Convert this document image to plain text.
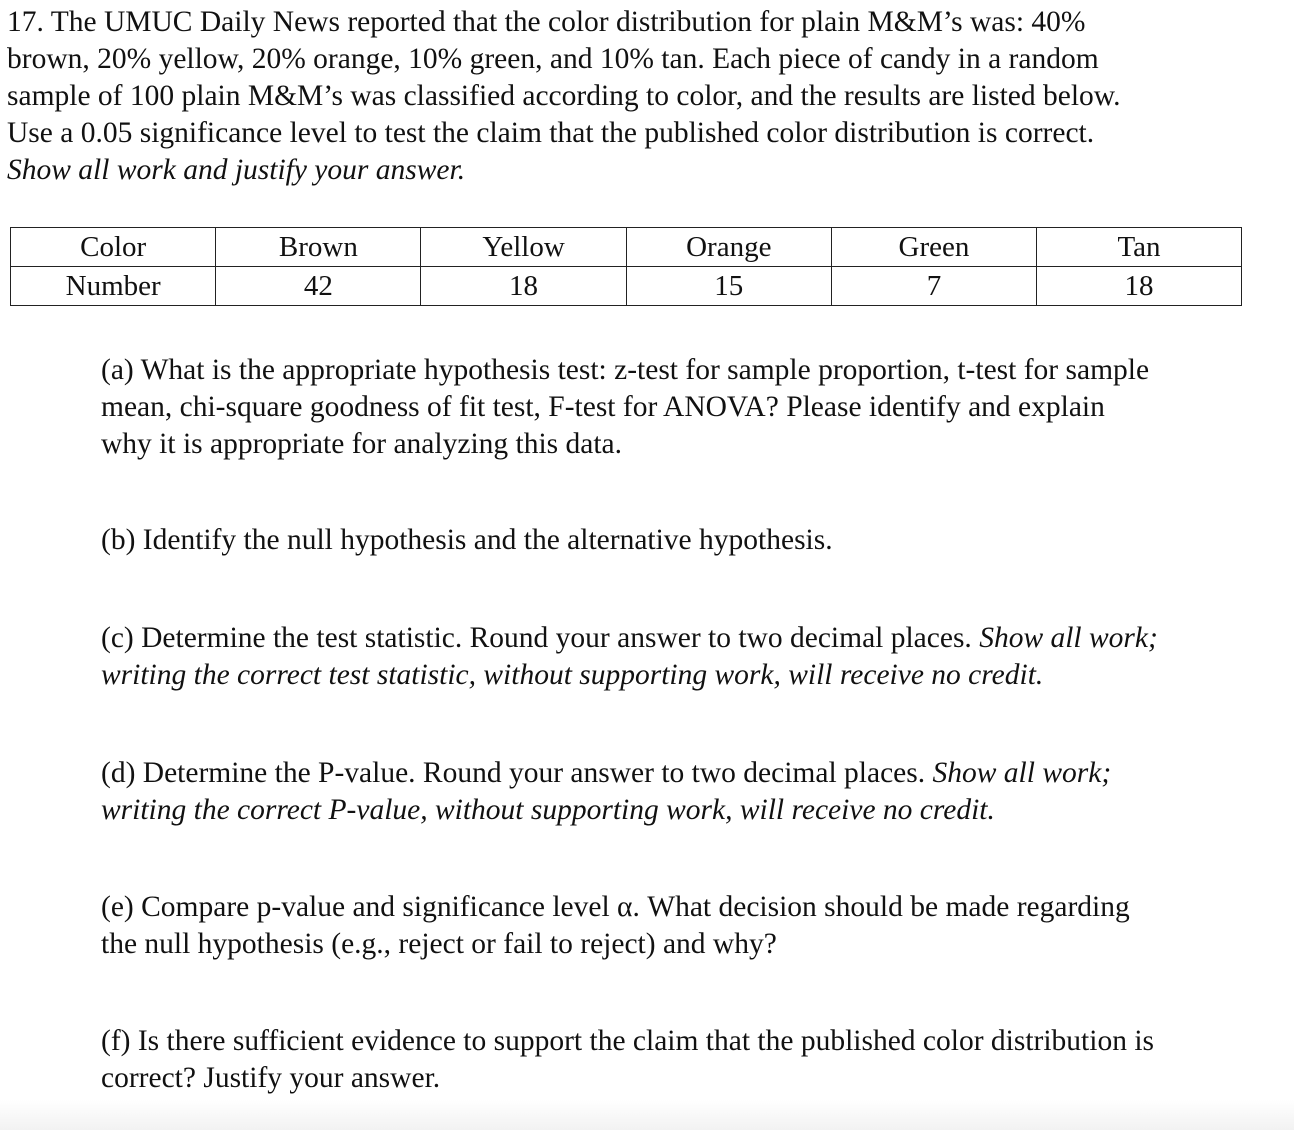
17. The UMUC Daily News reported that the color distribution for plain M&M’s was: 40%
brown, 20% yellow, 20% orange, 10% green, and 10% tan. Each piece of candy in a random
sample of 100 plain M&M’s was classified according to color, and the results are listed below.
Use a 0.05 significance level to test the claim that the published color distribution is correct.
Show all work and justify your answer.
Color	Brown	Yellow	Orange	Green	Tan
Number	42	18	15	7	18
(a) What is the appropriate hypothesis test: z-test for sample proportion, t-test for sample
mean, chi-square goodness of fit test, F-test for ANOVA? Please identify and explain
why it is appropriate for analyzing this data.
(b) Identify the null hypothesis and the alternative hypothesis.
(c) Determine the test statistic. Round your answer to two decimal places. Show all work;
writing the correct test statistic, without supporting work, will receive no credit.
(d) Determine the P-value. Round your answer to two decimal places. Show all work;
writing the correct P-value, without supporting work, will receive no credit.
(e) Compare p-value and significance level α. What decision should be made regarding
the null hypothesis (e.g., reject or fail to reject) and why?
(f) Is there sufficient evidence to support the claim that the published color distribution is
correct? Justify your answer.
